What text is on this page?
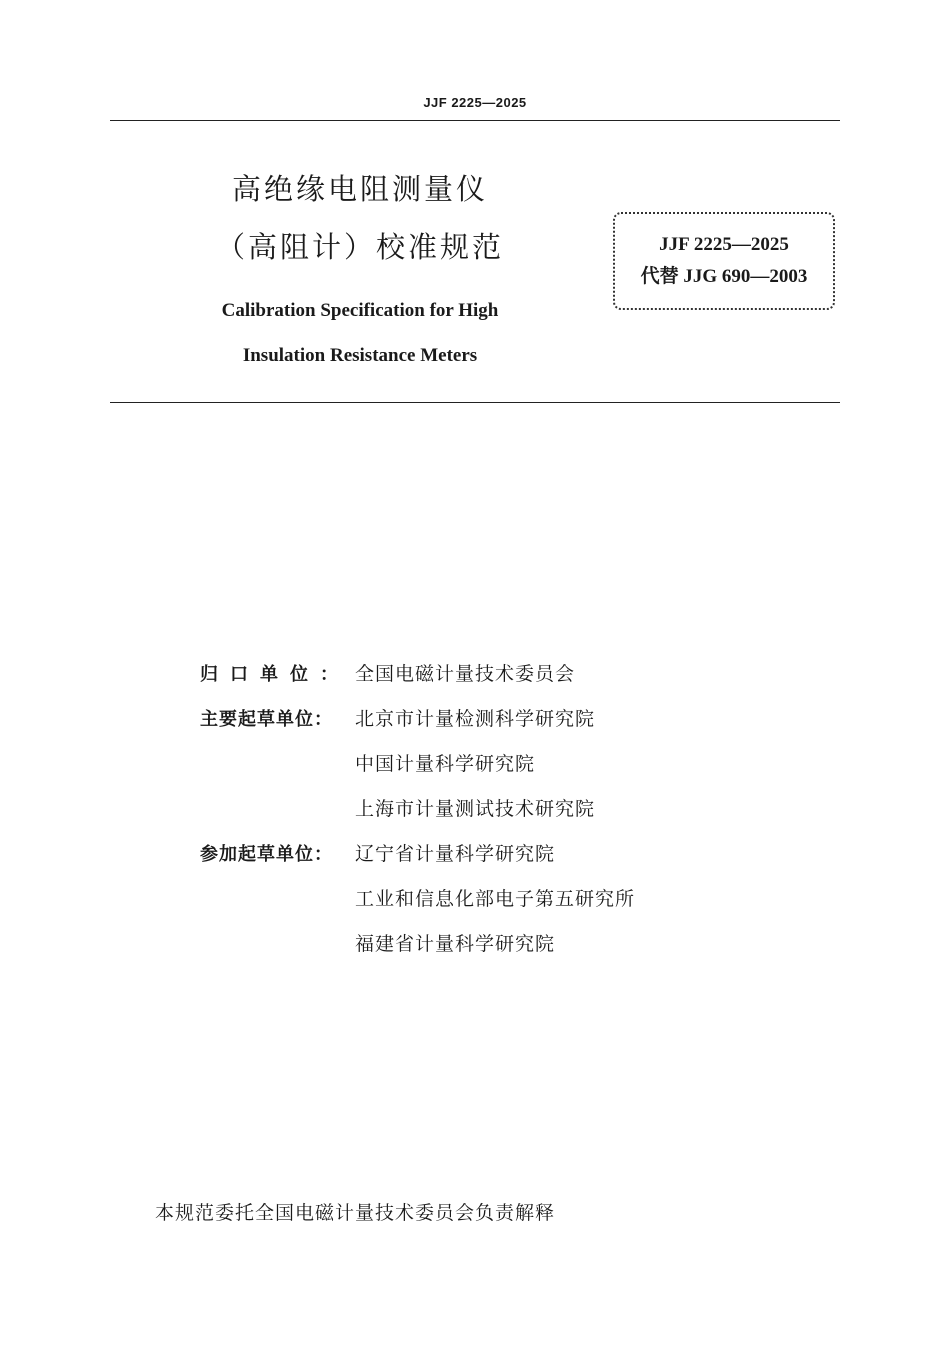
JJF 2225—2025

高绝缘电阻测量仪

（高阻计）校准规范

Calibration Specification for High

Insulation Resistance Meters

JJF 2225—2025
代替 JJG 690—2003
归口单位： 全国电磁计量技术委员会
主要起草单位：	北京市计量检测科学研究院
中国计量科学研究院
上海市计量测试技术研究院
参加起草单位：	辽宁省计量科学研究院
工业和信息化部电子第五研究所
福建省计量科学研究院
本规范委托全国电磁计量技术委员会负责解释
